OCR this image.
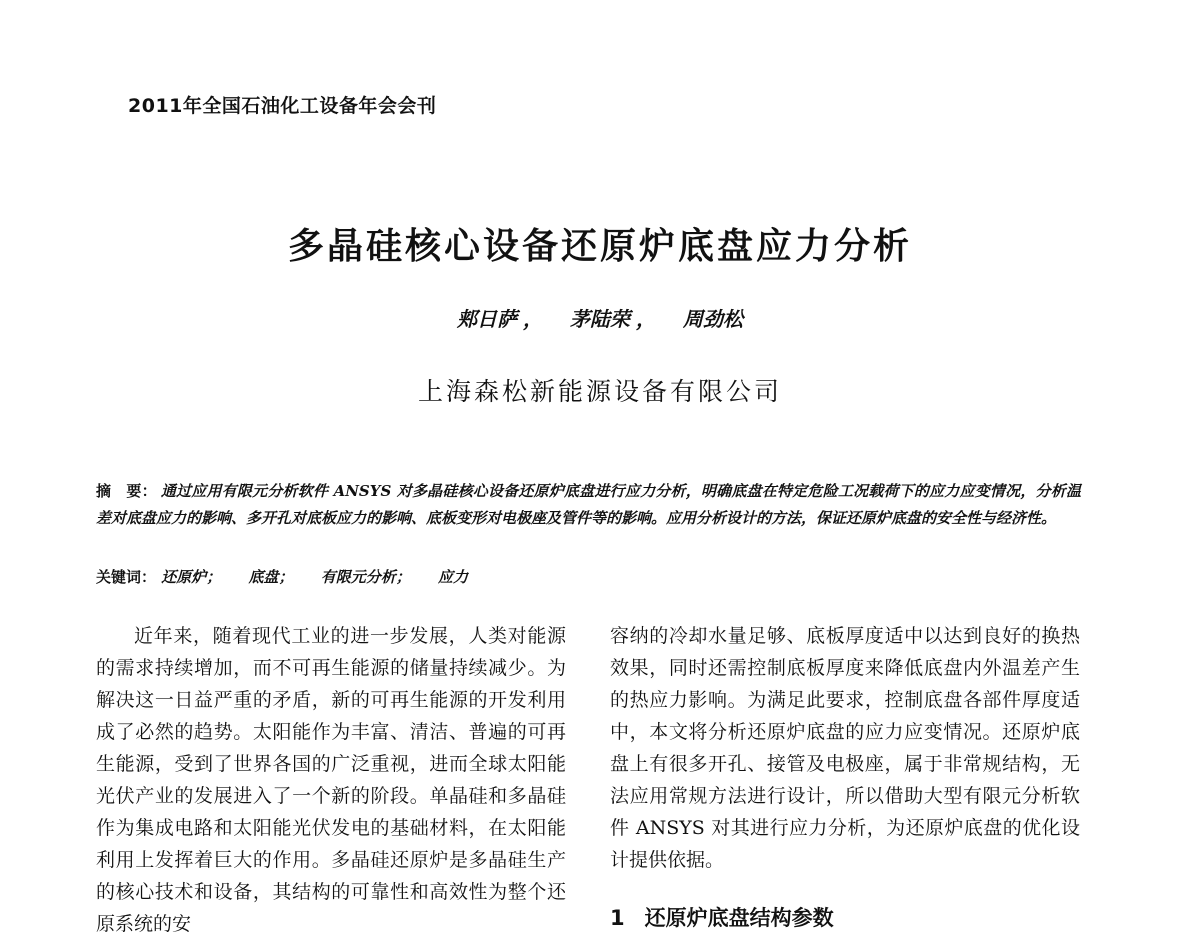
2011年全国石油化工设备年会会刊
多晶硅核心设备还原炉底盘应力分析
郏日萨 ， 茅陆荣 ， 周劲松
上海森松新能源设备有限公司
摘　要： 通过应用有限元分析软件 ANSYS 对多晶硅核心设备还原炉底盘进行应力分析，明确底盘在特定危险工况载荷下的应力应变情况，分析温差对底盘应力的影响、多开孔对底板应力的影响、底板变形对电极座及管件等的影响。应用分析设计的方法，保证还原炉底盘的安全性与经济性。
关键词： 还原炉； 底盘； 有限元分析； 应力
近年来，随着现代工业的进一步发展，人类对能源的需求持续增加，而不可再生能源的储量持续减少。为解决这一日益严重的矛盾，新的可再生能源的开发利用成了必然的趋势。太阳能作为丰富、清洁、普遍的可再生能源，受到了世界各国的广泛重视，进而全球太阳能光伏产业的发展进入了一个新的阶段。单晶硅和多晶硅作为集成电路和太阳能光伏发电的基础材料，在太阳能利用上发挥着巨大的作用。多晶硅还原炉是多晶硅生产的核心技术和设备，其结构的可靠性和高效性为整个还原系统的安
容纳的冷却水量足够、底板厚度适中以达到良好的换热效果，同时还需控制底板厚度来降低底盘内外温差产生的热应力影响。为满足此要求，控制底盘各部件厚度适中，本文将分析还原炉底盘的应力应变情况。还原炉底盘上有很多开孔、接管及电极座，属于非常规结构，无法应用常规方法进行设计，所以借助大型有限元分析软件 ANSYS 对其进行应力分析，为还原炉底盘的优化设计提供依据。
1 还原炉底盘结构参数
